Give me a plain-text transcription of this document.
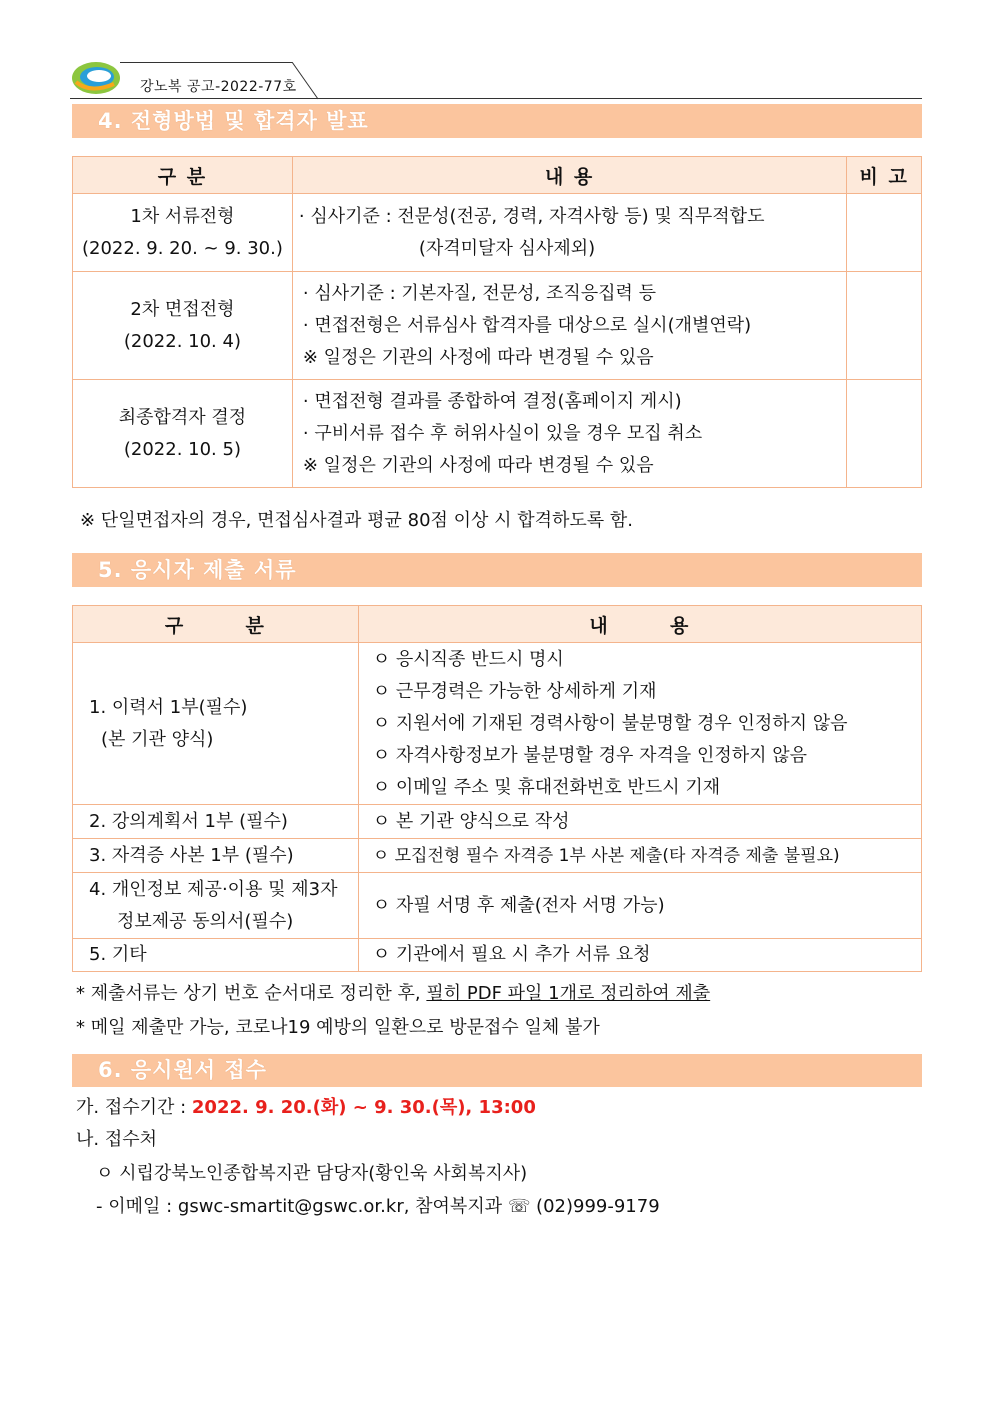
강노복 공고-2022-77호
4. 전형방법 및 합격자 발표
구 분	내 용	비 고

1차 서류전형
(2022. 9. 20. ~ 9. 30.)	· 심사기준 : 전문성(전공, 경력, 자격사항 등) 및 직무적합도
(자격미달자 심사제외)	

2차 면접전형
(2022. 10. 4)	· 심사기준 : 기본자질, 전문성, 조직응집력 등
· 면접전형은 서류심사 합격자를 대상으로 실시(개별연락)
※ 일정은 기관의 사정에 따라 변경될 수 있음	

최종합격자 결정
(2022. 10. 5)	· 면접전형 결과를 종합하여 결정(홈페이지 게시)
· 구비서류 접수 후 허위사실이 있을 경우 모집 취소
※ 일정은 기관의 사정에 따라 변경될 수 있음	

※ 단일면접자의 경우, 면접심사결과 평균 80점 이상 시 합격하도록 함.
5. 응시자 제출 서류
구       분	내       용

1. 이력서 1부(필수)
(본 기관 양식)	ㅇ 응시직종 반드시 명시
ㅇ 근무경력은 가능한 상세하게 기재
ㅇ 지원서에 기재된 경력사항이 불분명할 경우 인정하지 않음
ㅇ 자격사항정보가 불분명할 경우 자격을 인정하지 않음
ㅇ 이메일 주소 및 휴대전화번호 반드시 기재

2. 강의계획서 1부 (필수)	ㅇ 본 기관 양식으로 작성

3. 자격증 사본 1부 (필수)	ㅇ 모집전형 필수 자격증 1부 사본 제출(타 자격증 제출 불필요)

4. 개인정보 제공·이용 및 제3자
정보제공 동의서(필수)	ㅇ 자필 서명 후 제출(전자 서명 가능)

5. 기타	ㅇ 기관에서 필요 시 추가 서류 요청
* 제출서류는 상기 번호 순서대로 정리한 후, 필히 PDF 파일 1개로 정리하여 제출
* 메일 제출만 가능, 코로나19 예방의 일환으로 방문접수 일체 불가
6. 응시원서 접수
가. 접수기간 : 2022. 9. 20.(화) ~ 9. 30.(목), 13:00
나. 접수처
ㅇ 시립강북노인종합복지관 담당자(황인욱 사회복지사)
- 이메일 : gswc-smartit@gswc.or.kr, 참여복지과 ☏ (02)999-9179
